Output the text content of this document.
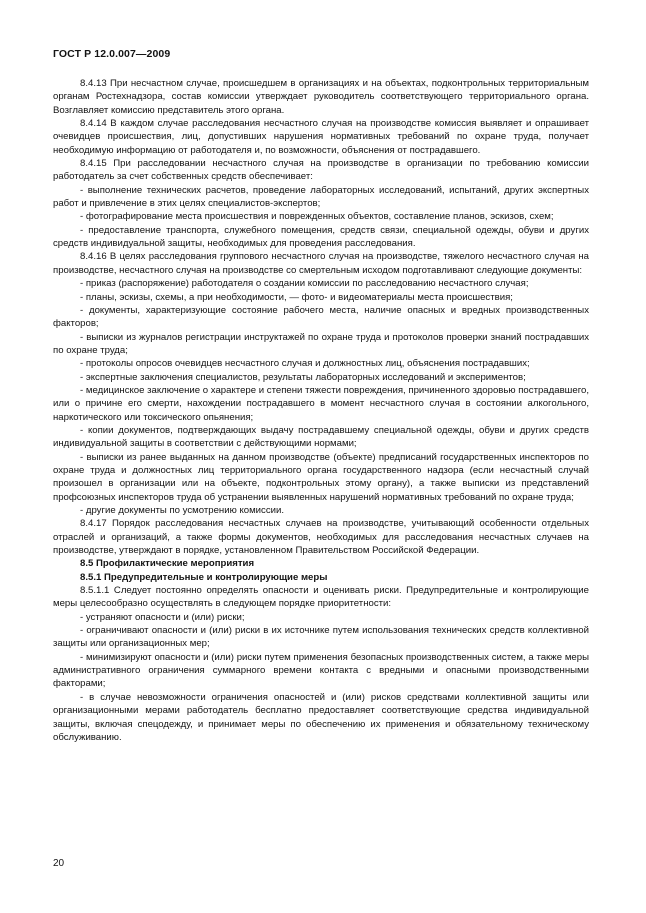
ГОСТ Р 12.0.007—2009

8.4.13 При несчастном случае, происшедшем в организациях и на объектах, подконтрольных территориальным органам Ростехнадзора, состав комиссии утверждает руководитель соответствующего территориального органа. Возглавляет комиссию представитель этого органа.

8.4.14 В каждом случае расследования несчастного случая на производстве комиссия выявляет и опрашивает очевидцев происшествия, лиц, допустивших нарушения нормативных требований по охране труда, получает необходимую информацию от работодателя и, по возможности, объяснения от пострадавшего.

8.4.15 При расследовании несчастного случая на производстве в организации по требованию комиссии работодатель за счет собственных средств обеспечивает:

- выполнение технических расчетов, проведение лабораторных исследований, испытаний, других экспертных работ и привлечение в этих целях специалистов-экспертов;

- фотографирование места происшествия и поврежденных объектов, составление планов, эскизов, схем;

- предоставление транспорта, служебного помещения, средств связи, специальной одежды, обуви и других средств индивидуальной защиты, необходимых для проведения расследования.

8.4.16 В целях расследования группового несчастного случая на производстве, тяжелого несчастного случая на производстве, несчастного случая на производстве со смертельным исходом подготавливают следующие документы:

- приказ (распоряжение) работодателя о создании комиссии по расследованию несчастного случая;

- планы, эскизы, схемы, а при необходимости, — фото- и видеоматериалы места происшествия;

- документы, характеризующие состояние рабочего места, наличие опасных и вредных производственных факторов;

- выписки из журналов регистрации инструктажей по охране труда и протоколов проверки знаний пострадавших по охране труда;

- протоколы опросов очевидцев несчастного случая и должностных лиц, объяснения пострадавших;

- экспертные заключения специалистов, результаты лабораторных исследований и экспериментов;

- медицинское заключение о характере и степени тяжести повреждения, причиненного здоровью пострадавшего, или о причине его смерти, нахождении пострадавшего в момент несчастного случая в состоянии алкогольного, наркотического или токсического опьянения;

- копии документов, подтверждающих выдачу пострадавшему специальной одежды, обуви и других средств индивидуальной защиты в соответствии с действующими нормами;

- выписки из ранее выданных на данном производстве (объекте) предписаний государственных инспекторов по охране труда и должностных лиц территориального органа государственного надзора (если несчастный случай произошел в организации или на объекте, подконтрольных этому органу), а также выписки из представлений профсоюзных инспекторов труда об устранении выявленных нарушений нормативных требований по охране труда;

- другие документы по усмотрению комиссии.

8.4.17 Порядок расследования несчастных случаев на производстве, учитывающий особенности отдельных отраслей и организаций, а также формы документов, необходимых для расследования несчастных случаев на производстве, утверждают в порядке, установленном Правительством Российской Федерации.

8.5 Профилактические мероприятия

8.5.1 Предупредительные и контролирующие меры

8.5.1.1 Следует постоянно определять опасности и оценивать риски. Предупредительные и контролирующие меры целесообразно осуществлять в следующем порядке приоритетности:

- устраняют опасности и (или) риски;

- ограничивают опасности и (или) риски в их источнике путем использования технических средств коллективной защиты или организационных мер;

- минимизируют опасности и (или) риски путем применения безопасных производственных систем, а также меры административного ограничения суммарного времени контакта с вредными и опасными производственными факторами;

- в случае невозможности ограничения опасностей и (или) рисков средствами коллективной защиты или организационными мерами работодатель бесплатно предоставляет соответствующие средства индивидуальной защиты, включая спецодежду, и принимает меры по обеспечению их применения и обязательному техническому обслуживанию.

20
